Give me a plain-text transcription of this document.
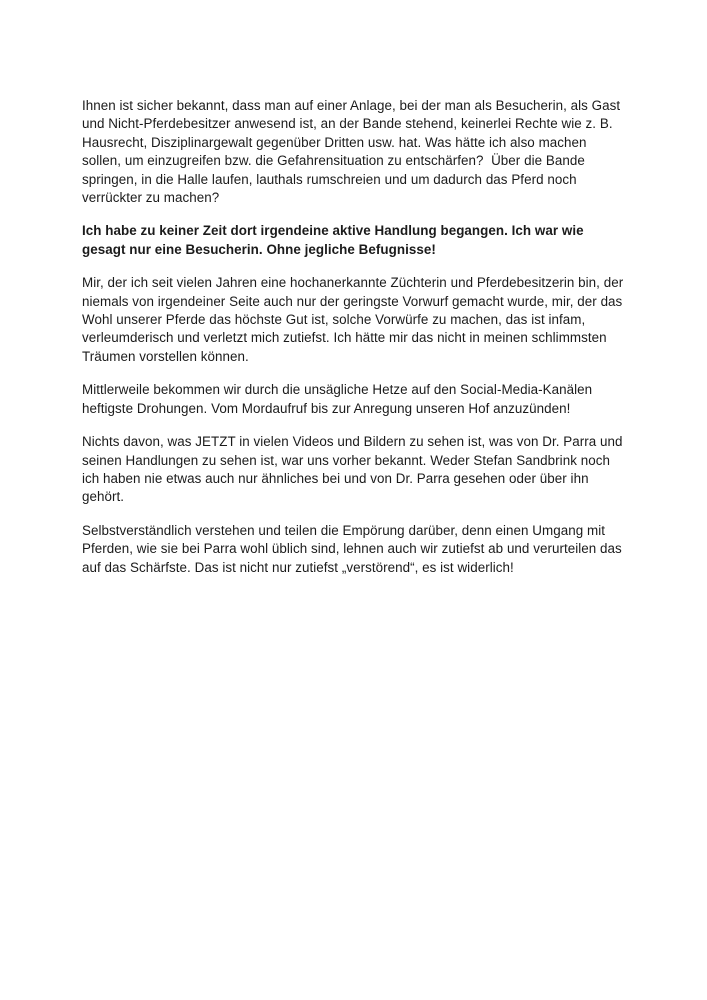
Ihnen ist sicher bekannt, dass man auf einer Anlage, bei der man als Besucherin, als Gast und Nicht-Pferdebesitzer anwesend ist, an der Bande stehend, keinerlei Rechte wie z. B. Hausrecht, Disziplinargewalt gegenüber Dritten usw. hat. Was hätte ich also machen sollen, um einzugreifen bzw. die Gefahrensituation zu entschärfen?  Über die Bande springen, in die Halle laufen, lauthals rumschreien und um dadurch das Pferd noch verrückter zu machen?

Ich habe zu keiner Zeit dort irgendeine aktive Handlung begangen. Ich war wie gesagt nur eine Besucherin. Ohne jegliche Befugnisse!

Mir, der ich seit vielen Jahren eine hochanerkannte Züchterin und Pferdebesitzerin bin, der niemals von irgendeiner Seite auch nur der geringste Vorwurf gemacht wurde, mir, der das Wohl unserer Pferde das höchste Gut ist, solche Vorwürfe zu machen, das ist infam, verleumderisch und verletzt mich zutiefst. Ich hätte mir das nicht in meinen schlimmsten Träumen vorstellen können.

Mittlerweile bekommen wir durch die unsägliche Hetze auf den Social-Media-Kanälen heftigste Drohungen. Vom Mordaufruf bis zur Anregung unseren Hof anzuzünden!

Nichts davon, was JETZT in vielen Videos und Bildern zu sehen ist, was von Dr. Parra und seinen Handlungen zu sehen ist, war uns vorher bekannt. Weder Stefan Sandbrink noch ich haben nie etwas auch nur ähnliches bei und von Dr. Parra gesehen oder über ihn gehört.

Selbstverständlich verstehen und teilen die Empörung darüber, denn einen Umgang mit Pferden, wie sie bei Parra wohl üblich sind, lehnen auch wir zutiefst ab und verurteilen das auf das Schärfste. Das ist nicht nur zutiefst „verstörend“, es ist widerlich!
